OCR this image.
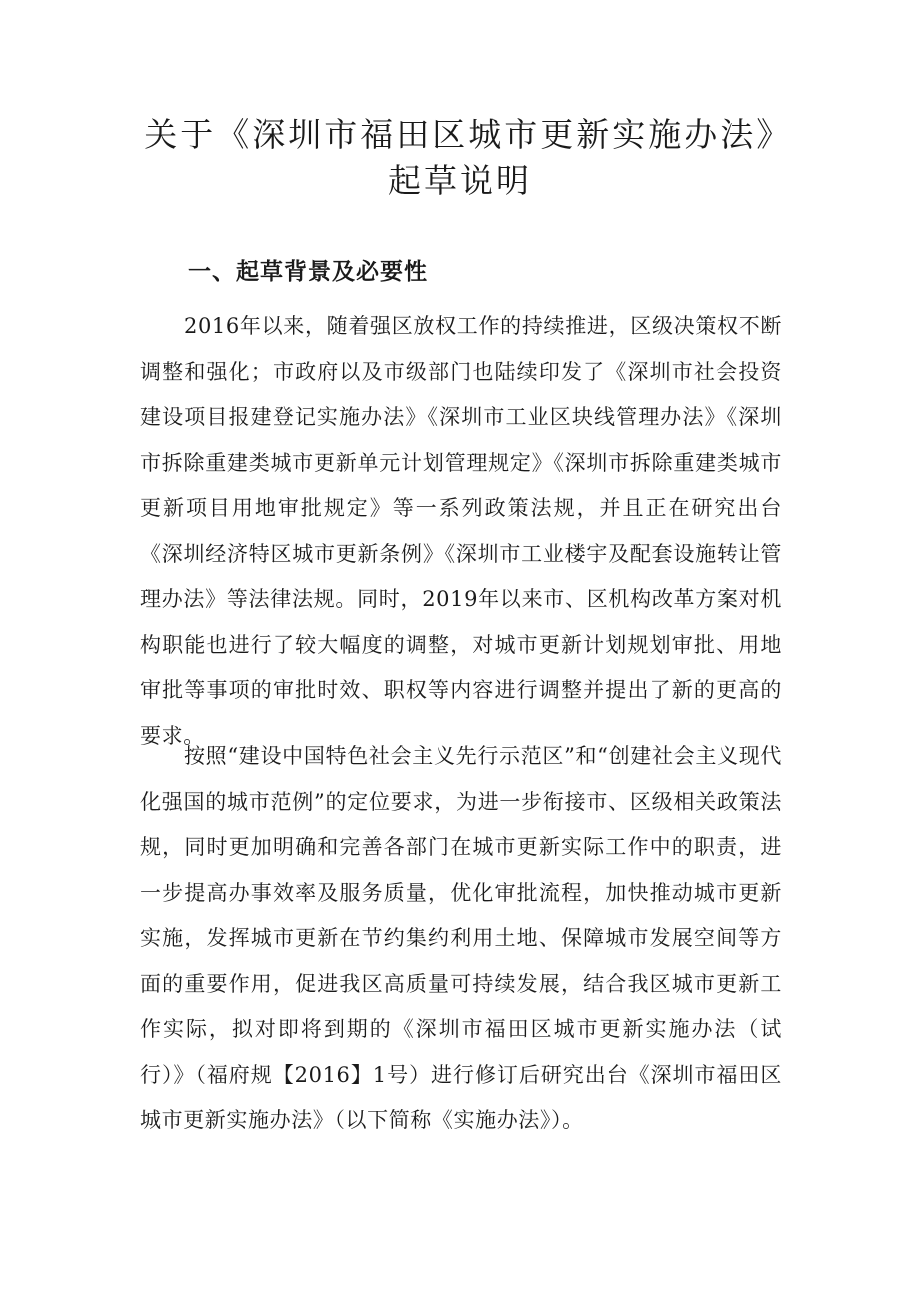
关于《深圳市福田区城市更新实施办法》起草说明
一、起草背景及必要性

2016年以来，随着强区放权工作的持续推进，区级决策权不断调整和强化；市政府以及市级部门也陆续印发了《深圳市社会投资建设项目报建登记实施办法》《深圳市工业区块线管理办法》《深圳市拆除重建类城市更新单元计划管理规定》《深圳市拆除重建类城市更新项目用地审批规定》等一系列政策法规，并且正在研究出台《深圳经济特区城市更新条例》《深圳市工业楼宇及配套设施转让管理办法》等法律法规。同时，2019年以来市、区机构改革方案对机构职能也进行了较大幅度的调整，对城市更新计划规划审批、用地审批等事项的审批时效、职权等内容进行调整并提出了新的更高的要求。

按照“建设中国特色社会主义先行示范区”和“创建社会主义现代化强国的城市范例”的定位要求，为进一步衔接市、区级相关政策法规，同时更加明确和完善各部门在城市更新实际工作中的职责，进一步提高办事效率及服务质量，优化审批流程，加快推动城市更新实施，发挥城市更新在节约集约利用土地、保障城市发展空间等方面的重要作用，促进我区高质量可持续发展，结合我区城市更新工作实际，拟对即将到期的《深圳市福田区城市更新实施办法（试行）》（福府规【2016】1号）进行修订后研究出台《深圳市福田区城市更新实施办法》（以下简称《实施办法》）。
